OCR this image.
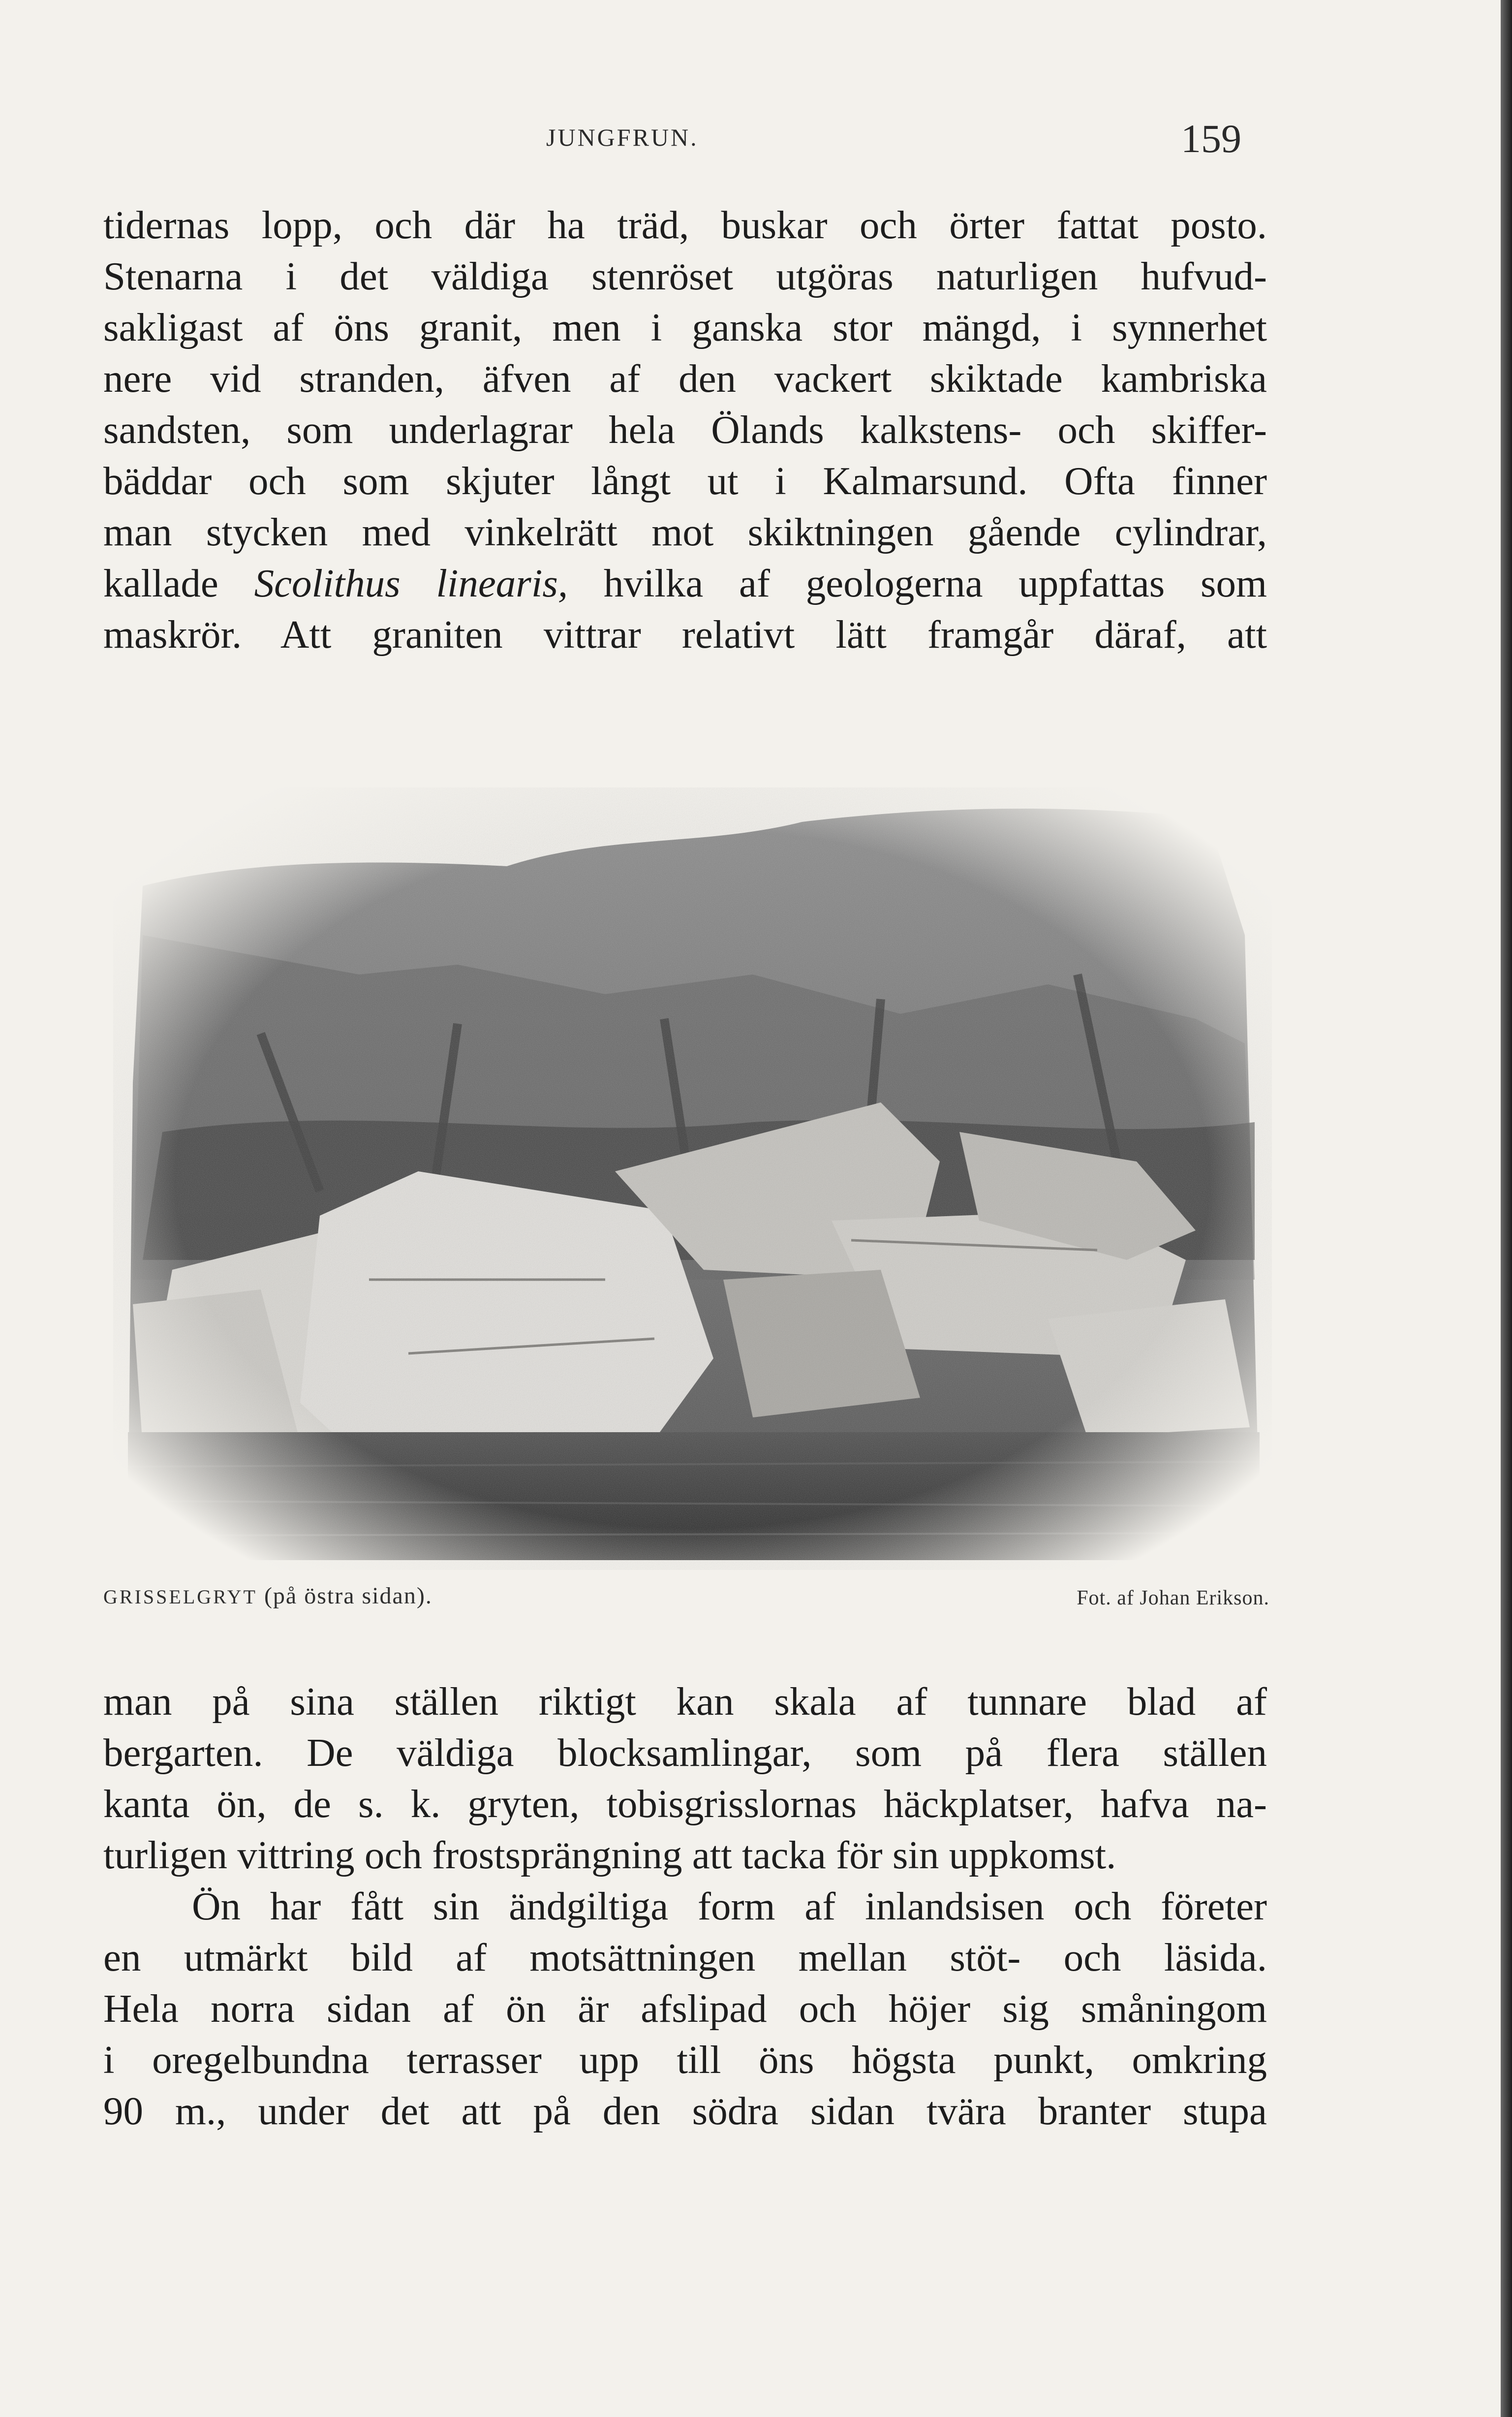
JUNGFRUN.	159
tidernas lopp, och där ha träd, buskar och örter fattat posto.
Stenarna i det väldiga stenröset utgöras naturligen hufvud-
sakligast af öns granit, men i ganska stor mängd, i synnerhet
nere vid stranden, äfven af den vackert skiktade kambriska
sandsten, som underlagrar hela Ölands kalkstens- och skiffer-
bäddar och som skjuter långt ut i Kalmarsund. Ofta finner
man stycken med vinkelrätt mot skiktningen gående cylindrar,
kallade Scolithus linearis, hvilka af geologerna uppfattas som
maskrör. Att graniten vittrar relativt lätt framgår däraf, att
GRISSELGRYT (på östra sidan).	Fot. af Johan Erikson.
man på sina ställen riktigt kan skala af tunnare blad af
bergarten. De väldiga blocksamlingar, som på flera ställen
kanta ön, de s. k. gryten, tobisgrisslornas häckplatser, hafva na-
turligen vittring och frostsprängning att tacka för sin uppkomst.
Ön har fått sin ändgiltiga form af inlandsisen och företer
en utmärkt bild af motsättningen mellan stöt- och läsida.
Hela norra sidan af ön är afslipad och höjer sig småningom
i oregelbundna terrasser upp till öns högsta punkt, omkring
90 m., under det att på den södra sidan tvära branter stupa
